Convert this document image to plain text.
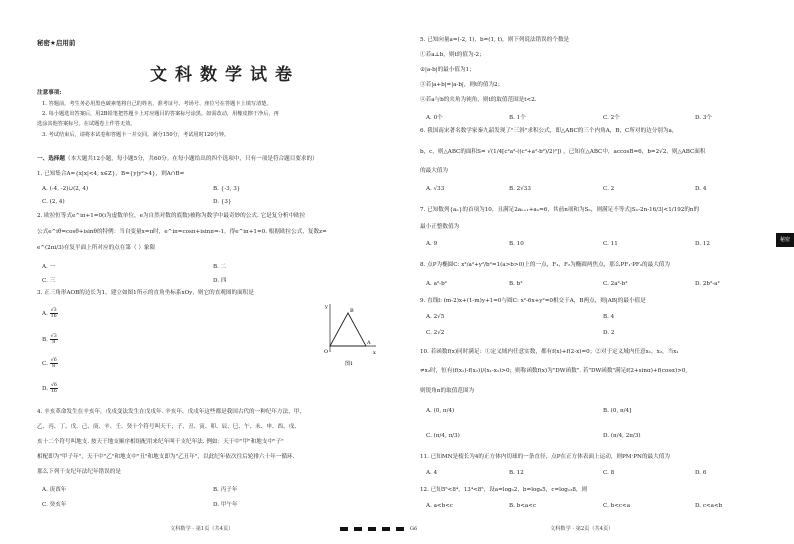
秘密★启用前
文科数学试卷
注意事项:
1. 答题前，考生务必用黑色碳素笔将自己的姓名、准考证号、考场号、座位号在答题卡上填写清楚。
2. 每小题选出答案后，用2B铅笔把答题卡上对应题目的答案标号涂黑。如需改动，用橡皮擦干净后，再
选涂其他答案标号。在试题卷上作答无效。
3. 考试结束后，请将本试卷和答题卡一并交回。满分150分，考试用时120分钟。
一、选择题（本大题共12小题，每小题5分，共60分。在每小题给出的四个选项中，只有一项是符合题目要求的）
1. 已知集合A={x|x|<4, x∈Z}，B={y|y²>4}，则A∩B=
A. (-4, -2)∪(2, 4)	B. {-3, 3}
C. (2, 4)	D. {3}
2. 欧拉恒等式e^iπ+1=0(i为虚数单位，e为自然对数的底数)被称为数学中最奇妙的公式. 它是复分析中欧拉
公式e^iθ=cosθ+isinθ的特例：当自变量x=π时，e^iπ=cosπ+isinπ=-1，得e^iπ+1=0. 根据欧拉公式，复数z=
e^(2πi/3)在复平面上所对应的点在第（ ）象限
A. 一	B. 二
C. 三	D. 四
3. 正三角形AOB的边长为1，建立如图1所示的直角坐标系xOy，则它的直观图的面积是
A. $\frac{√3}{16}$
B. $\frac{√3}{8}$
C. $\frac{√6}{8}$
D. $\frac{√6}{16}$
y
x
O
A
B
图1
4. 辛亥革命发生在辛亥年，戊戌变法发生在戊戌年. 辛亥年、戊戌年这些都是我国古代的一种纪年方法，甲、
乙、丙、丁、戊、己、庚、辛、壬、癸十个符号叫天干；子、丑、寅、卯、辰、巳、午、未、申、酉、戌、
亥十二个符号叫地支. 按天干地支顺序相组配用来纪年叫干支纪年法. 例如：天干中"甲"和地支中"子"
相配即为"甲子年"，天干中"乙"和地支中"丑"和地支即为"乙丑年"，以此纪年依次往后轮排六十年一循环.
那么下列干支纪年法纪年错误的是
A. 庚酉年	B. 丙子年
C. 癸亥年	D. 甲午年
文科数学 · 第1页（共4页）	G6
5. 已知向量a=(-2, 1)，b=(1, t)，则下列说法错误的个数是
①若a⊥b，则t的值为-2；
②|a-b|的最小值为1；
③若|a+b|=|a-b|，则t的值为2；
④若a与b的夹角为钝角，则t的取值范围是t<2.
A. 0个	B. 1个	C. 2个	D. 3个
6. 我国南宋著名数学家秦九韶发现了"三斜"求积公式，即△ABC的三个内角A，B，C所对的边分别为a，
b，c，则△ABC的面积S= √(1/4[c²a²-((c²+a²-b²)/2)²]) ，已知在△ABC中，accosB=6，b=2√2，则△ABC面积
的最大值为
A. √33	B. 2√33	C. 2	D. 4
7. 已知数列{aₙ}的首项为10，且满足2aₙ₊₁+aₙ=6，其前n项和为Sₙ，则满足不等式|Sₙ-2n-16/3|<1/192的n的
最小正整数值为
A. 9	B. 10	C. 11	D. 12
8. 点P为椭圆C: x²/a²+y²/b²=1(a>b>0)上的一点，F₁，F₂为椭圆两焦点，那么PF₁·PF₂的最大值为
A. a²-b²	B. b²	C. 2a²-b²	D. 2b²-a²
9. 直线l: (m-2)x+(1-m)y+1=0与圆C: x²-6x+y²=0相交于A，B两点，则|AB|的最小值是
A. 2√5	B. 4
C. 2√2	D. 2
10. 若函数f(x)同时满足：①定义域内任意实数，都有f(x)+f(2-x)=0；②对于定义域内任意x₁，x₂，当x₁
≠x₂时，恒有(f(x₁)-f(x₂))/(x₁-x₂)>0；则称函数f(x)为"DW函数". 若"DW函数"满足f(2+sinα)+f(cosα)>0,
则锐角α的取值范围为
A. (0, π/4)	B. (0, π/4]
C. (π/4, π/3)	D. (π/4, 2π/3)
11. 已知MN是棱长为4的正方体内切球的一条直径，点P在正方体表面上运动，则PM·PN的最大值为
A. 4	B. 12	C. 8	D. 6
12. 已知5⁵<8⁴，13⁴<8⁵，设a=log₅2，b=log₈5，c=log₁₃8，则
A. a<b<c	B. b<a<c	C. b<c<a	D. c<a<b
文科数学 · 第2页（共4页）
秘密
